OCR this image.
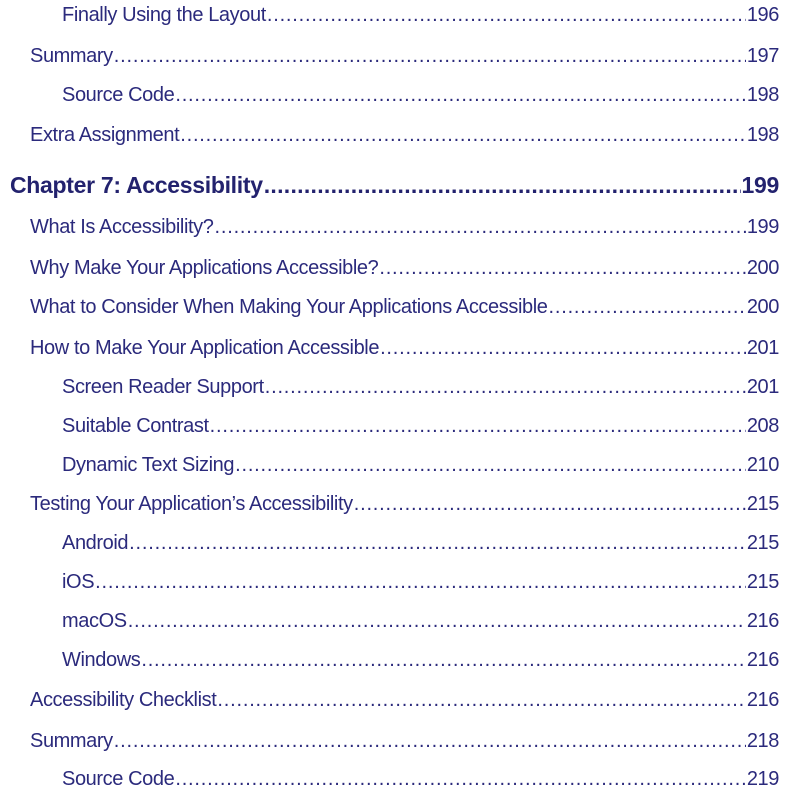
Finally Using the Layout .....	196
Summary .....	197
Source Code .....	198
Extra Assignment .....	198
Chapter 7: Accessibility .....	199
What Is Accessibility? .....	199
Why Make Your Applications Accessible? .....	200
What to Consider When Making Your Applications Accessible .....	200
How to Make Your Application Accessible .....	201
Screen Reader Support .....	201
Suitable Contrast .....	208
Dynamic Text Sizing .....	210
Testing Your Application’s Accessibility .....	215
Android .....	215
iOS .....	215
macOS .....	216
Windows .....	216
Accessibility Checklist .....	216
Summary .....	218
Source Code .....	219
